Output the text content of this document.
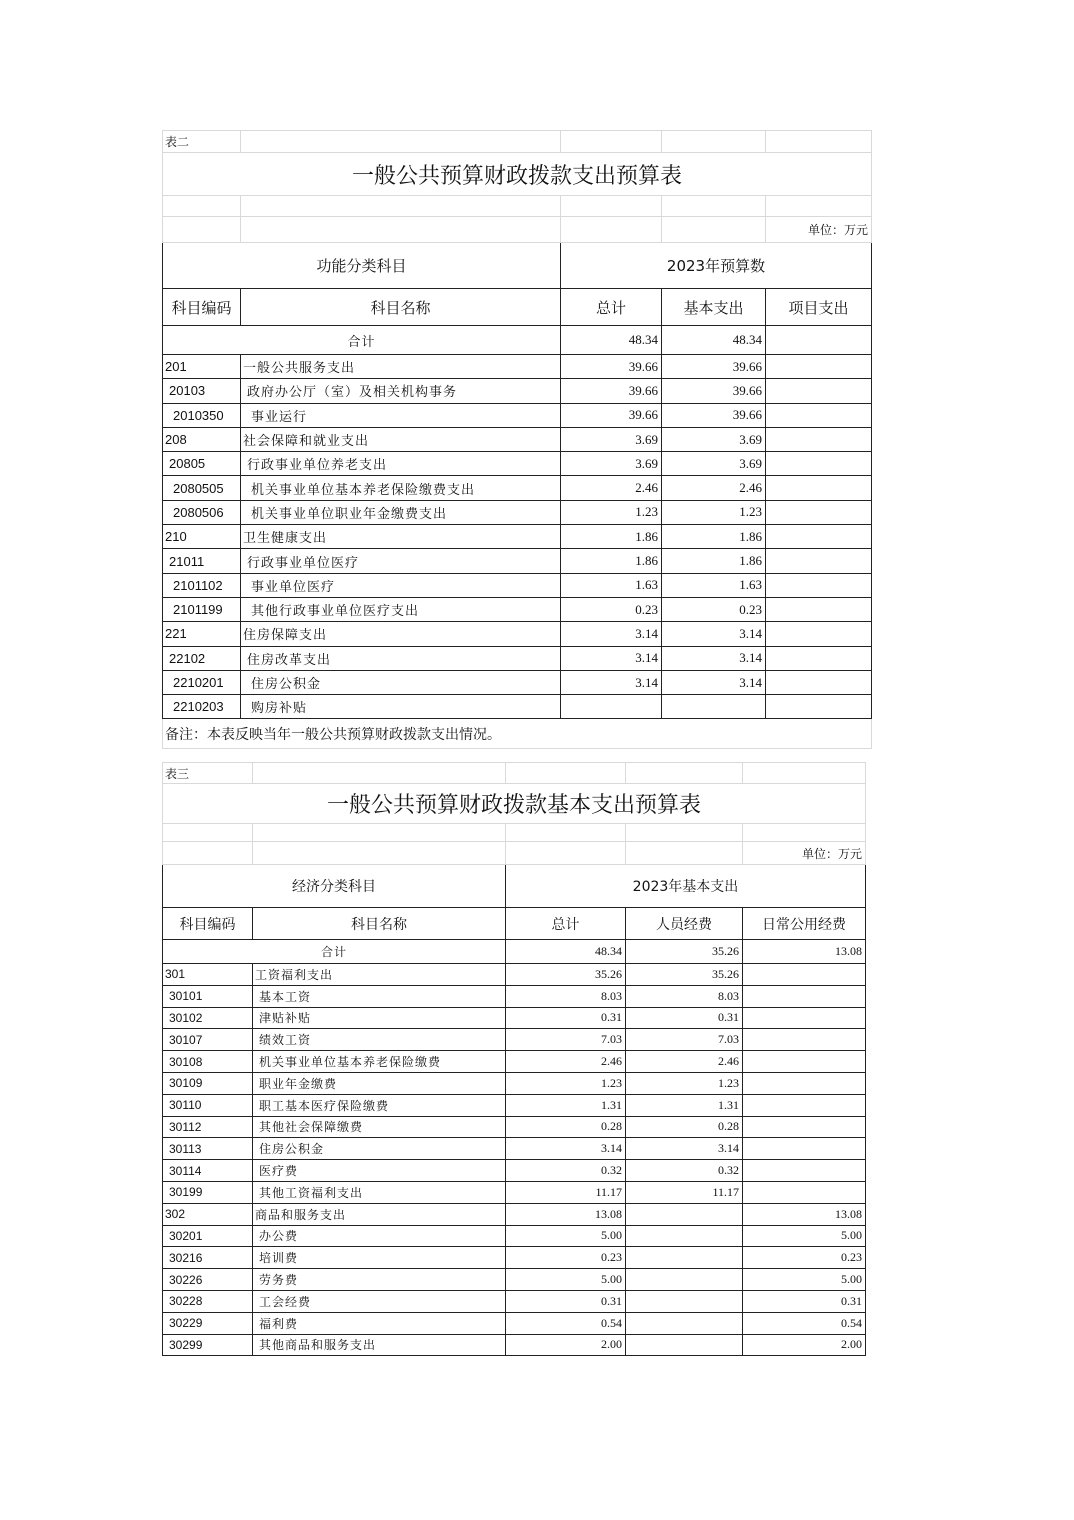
表二				
一般公共预算财政拨款支出预算表				

				单位：万元
功能分类科目		2023年预算数		
科目编码	科目名称	总计	基本支出	项目支出
合计		48.34	48.34	
201	一般公共服务支出	39.66	39.66	
20103	政府办公厅（室）及相关机构事务	39.66	39.66	
2010350	事业运行	39.66	39.66	
208	社会保障和就业支出	3.69	3.69	
20805	行政事业单位养老支出	3.69	3.69	
2080505	机关事业单位基本养老保险缴费支出	2.46	2.46	
2080506	机关事业单位职业年金缴费支出	1.23	1.23	
210	卫生健康支出	1.86	1.86	
21011	行政事业单位医疗	1.86	1.86	
2101102	事业单位医疗	1.63	1.63	
2101199	其他行政事业单位医疗支出	0.23	0.23	
221	住房保障支出	3.14	3.14	
22102	住房改革支出	3.14	3.14	
2210201	住房公积金	3.14	3.14	
2210203	购房补贴			
备注：本表反映当年一般公共预算财政拨款支出情况。				
表三				
一般公共预算财政拨款基本支出预算表				

				单位：万元
经济分类科目		2023年基本支出		
科目编码	科目名称	总计	人员经费	日常公用经费
合计		48.34	35.26	13.08
301	工资福利支出	35.26	35.26	
30101	基本工资	8.03	8.03	
30102	津贴补贴	0.31	0.31	
30107	绩效工资	7.03	7.03	
30108	机关事业单位基本养老保险缴费	2.46	2.46	
30109	职业年金缴费	1.23	1.23	
30110	职工基本医疗保险缴费	1.31	1.31	
30112	其他社会保障缴费	0.28	0.28	
30113	住房公积金	3.14	3.14	
30114	医疗费	0.32	0.32	
30199	其他工资福利支出	11.17	11.17	
302	商品和服务支出	13.08		13.08
30201	办公费	5.00		5.00
30216	培训费	0.23		0.23
30226	劳务费	5.00		5.00
30228	工会经费	0.31		0.31
30229	福利费	0.54		0.54
30299	其他商品和服务支出	2.00		2.00
